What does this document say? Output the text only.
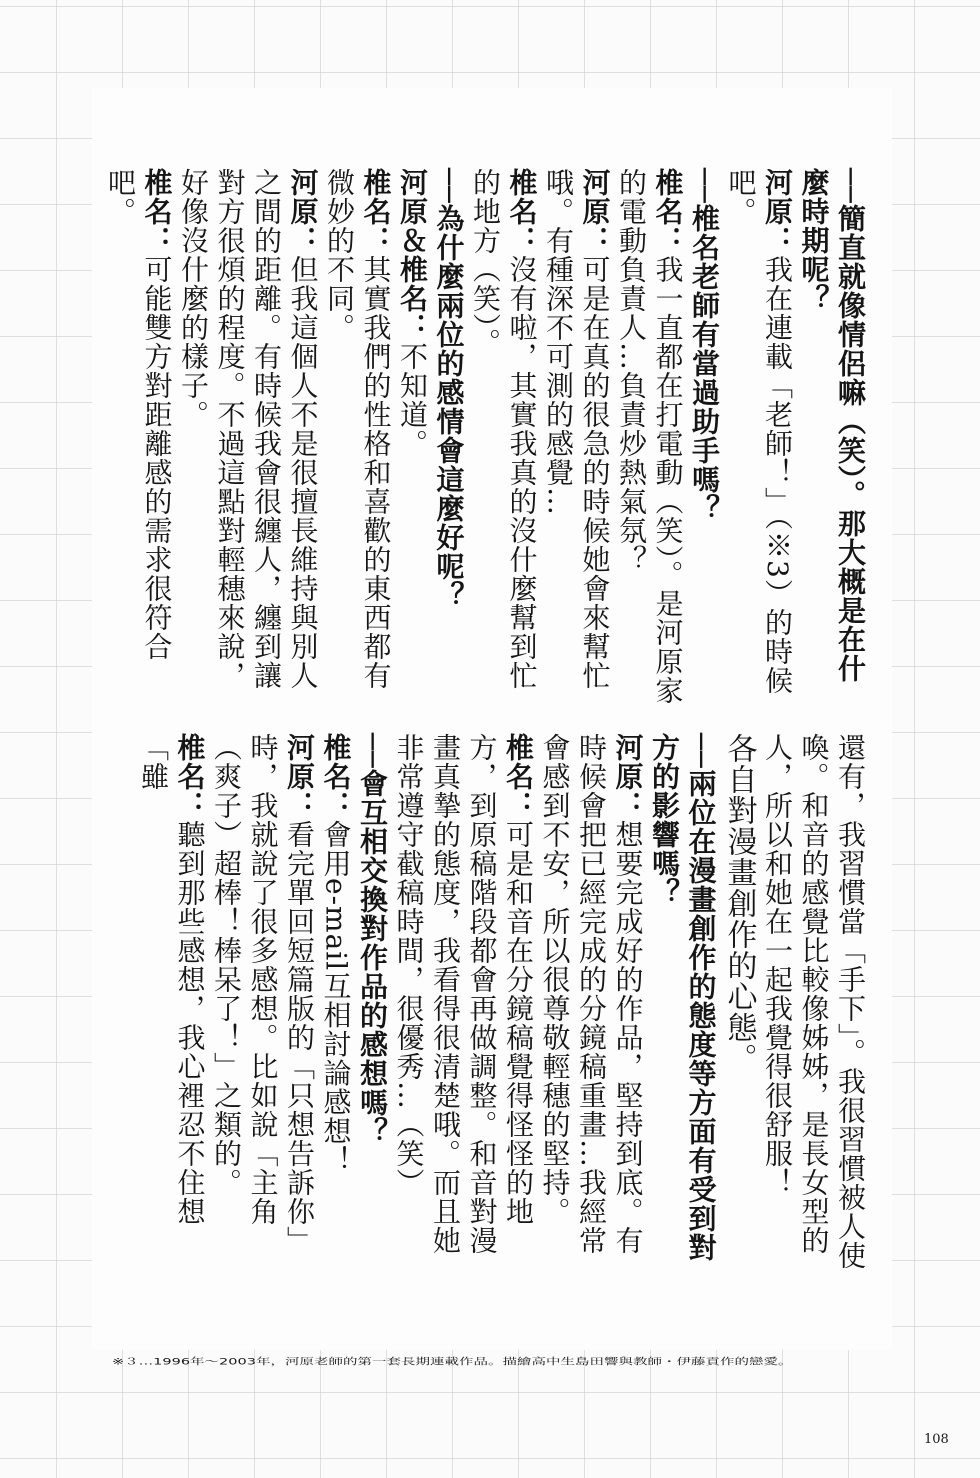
──簡直就像情侶嘛（笑）。那大概是在什麼時期呢？
河原：我在連載「老師！」（※3）的時候吧。
──椎名老師有當過助手嗎？
椎名：我一直都在打電動（笑）。是河原家的電動負責人…負責炒熱氣氛？
河原：可是在真的很急的時候她會來幫忙哦。有種深不可測的感覺…
椎名：沒有啦，其實我真的沒什麼幫到忙的地方（笑）。
──為什麼兩位的感情會這麼好呢？
河原＆椎名：不知道。
椎名：其實我們的性格和喜歡的東西都有微妙的不同。
河原：但我這個人不是很擅長維持與別人之間的距離。有時候我會很纏人，纏到讓對方很煩的程度。不過這點對輕穗來說，好像沒什麼的樣子。
椎名：可能雙方對距離感的需求很符合吧。
還有，我習慣當「手下」。我很習慣被人使喚。和音的感覺比較像姊姊，是長女型的人，所以和她在一起我覺得很舒服！
各自對漫畫創作的心態。
──兩位在漫畫創作的態度等方面有受到對方的影響嗎？
河原：想要完成好的作品，堅持到底。有時候會把已經完成的分鏡稿重畫…我經常會感到不安，所以很尊敬輕穗的堅持。
椎名：可是和音在分鏡稿覺得怪怪的地方，到原稿階段都會再做調整。和音對漫畫真摯的態度，我看得很清楚哦。而且她非常遵守截稿時間，很優秀…（笑）
──會互相交換對作品的感想嗎？
椎名：會用e-mail互相討論感想！
河原：看完單回短篇版的「只想告訴你」時，我就說了很多感想。比如說「主角（爽子）超棒！棒呆了！」之類的。
椎名：聽到那些感想，我心裡忍不住想「雖
※３…1996年～2003年，河原老師的第一套長期連載作品。描繪高中生島田響與教師・伊藤貢作的戀愛。
108
